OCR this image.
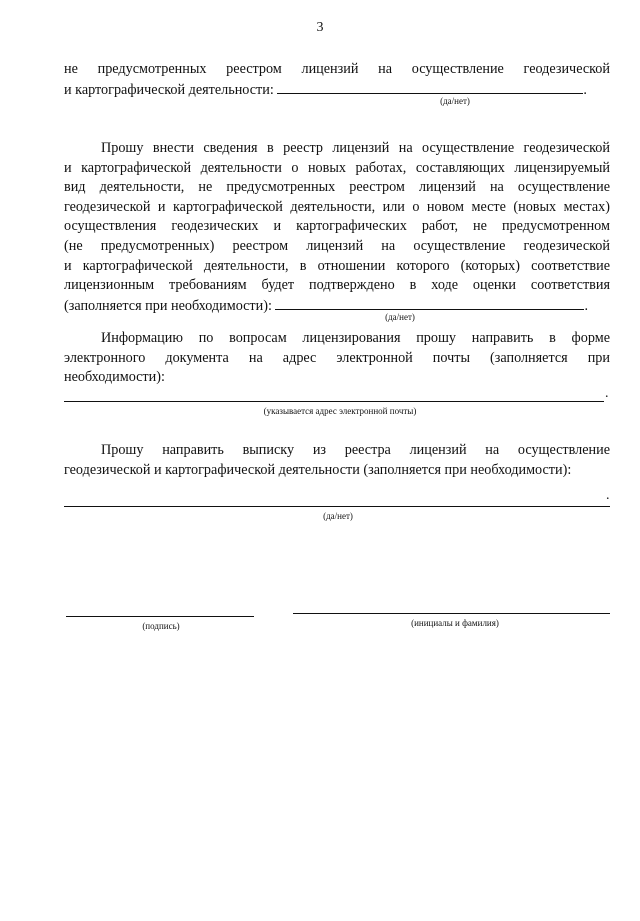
3
не предусмотренных реестром лицензий на осуществление геодезической
и картографической деятельности:	.
(да/нет)
Прошу внести сведения в реестр лицензий на осуществление геодезической
и картографической деятельности о новых работах, составляющих лицензируемый
вид деятельности, не предусмотренных реестром лицензий на осуществление
геодезической и картографической деятельности, или о новом месте (новых местах)
осуществления геодезических и картографических работ, не предусмотренном
(не предусмотренных) реестром лицензий на осуществление геодезической
и картографической деятельности, в отношении которого (которых) соответствие
лицензионным требованиям будет подтверждено в ходе оценки соответствия
(заполняется при необходимости):	.
(да/нет)
Информацию по вопросам лицензирования прошу направить в форме
электронного документа на адрес электронной почты (заполняется при
необходимости):
.
(указывается адрес электронной почты)
Прошу направить выписку из реестра лицензий на осуществление
геодезической и картографической деятельности (заполняется при необходимости):
.
(да/нет)
(подпись)	(инициалы и фамилия)
